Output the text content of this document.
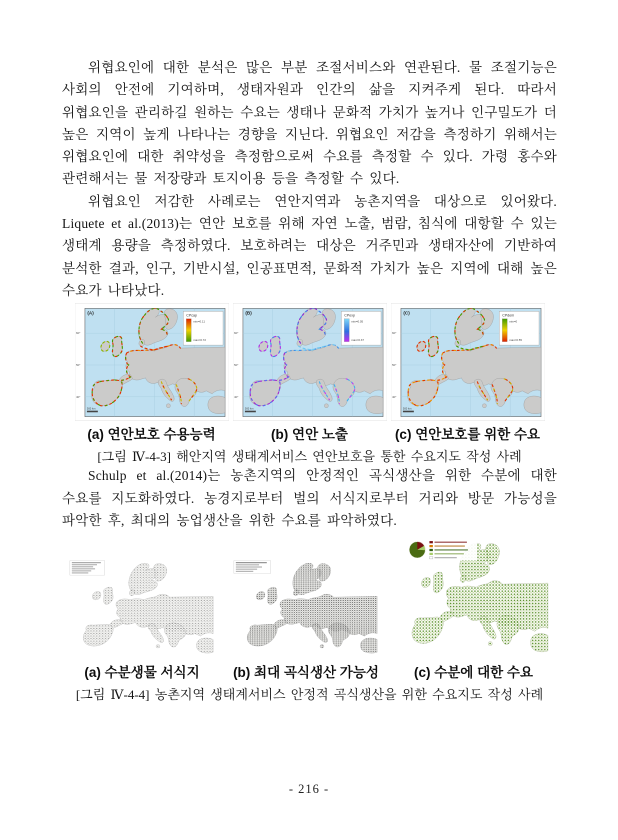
위협요인에 대한 분석은 많은 부분 조절서비스와 연관된다. 물 조절기능은 사회의 안전에 기여하며, 생태자원과 인간의 삶을 지켜주게 된다. 따라서 위협요인을 관리하길 원하는 수요는 생태나 문화적 가치가 높거나 인구밀도가 더 높은 지역이 높게 나타나는 경향을 지닌다. 위협요인 저감을 측정하기 위해서는 위협요인에 대한 취약성을 측정함으로써 수요를 측정할 수 있다. 가령 홍수와 관련해서는 물 저장량과 토지이용 등을 측정할 수 있다.

위협요인 저감한 사례로는 연안지역과 농촌지역을 대상으로 있어왔다. Liquete et al.(2013)는 연안 보호를 위해 자연 노출, 범람, 침식에 대항할 수 있는 생태계 용량을 측정하였다. 보호하려는 대상은 거주민과 생태자산에 기반하여 분석한 결과, 인구, 기반시설, 인공표면적, 문화적 가치가 높은 지역에 대해 높은 수요가 나타났다.

(A)	CPcap
min=0.11
max=0.72
500 km
60°
50°
40°
(B)	CPexp
min=0.05
max=0.37
500 km
60°
50°
40°
(C)	CPdem
min=0
max=0.55
500 km
60°
50°
40°
(a) 연안보호 수용능력	(b) 연안 노출	(c) 연안보호를 위한 수요
[그림 Ⅳ-4-3] 해안지역 생태계서비스 연안보호을 통한 수요지도 작성 사례

Schulp et al.(2014)는 농촌지역의 안정적인 곡식생산을 위한 수분에 대한 수요를 지도화하였다. 농경지로부터 벌의 서식지로부터 거리와 방문 가능성을 파악한 후, 최대의 농업생산을 위한 수요를 파악하였다.

(a) 수분생물 서식지	(b) 최대 곡식생산 가능성	(c) 수분에 대한 수요
[그림 Ⅳ-4-4] 농촌지역 생태계서비스 안정적 곡식생산을 위한 수요지도 작성 사례
- 216 -
